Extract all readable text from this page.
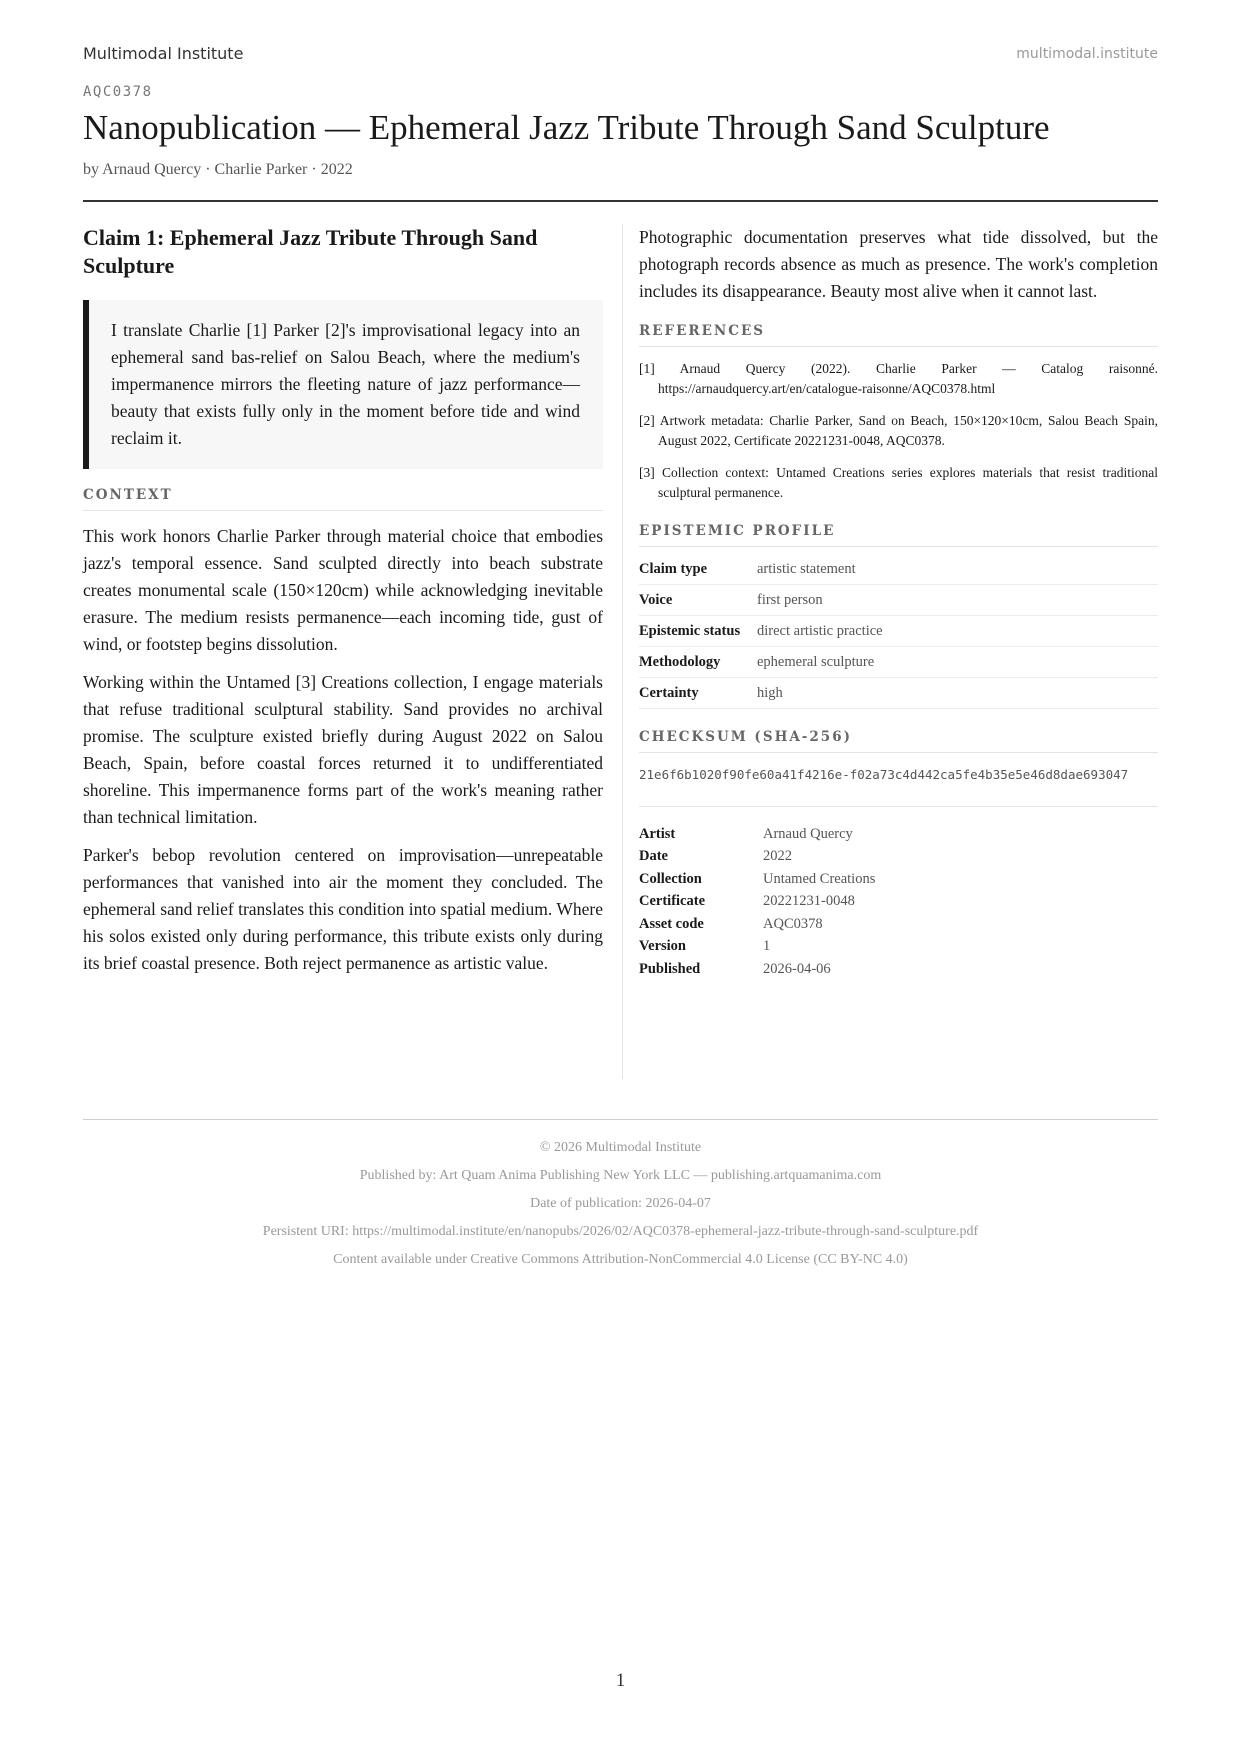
Multimodal Institute	multimodal.institute
AQC0378
Nanopublication — Ephemeral Jazz Tribute Through Sand Sculpture
by Arnaud Quercy · Charlie Parker · 2022
Claim 1: Ephemeral Jazz Tribute Through Sand Sculpture
I translate Charlie [1] Parker [2]'s improvisational legacy into an ephemeral sand bas-relief on Salou Beach, where the medium's impermanence mirrors the fleeting nature of jazz performance—beauty that exists fully only in the moment before tide and wind reclaim it.
CONTEXT

This work honors Charlie Parker through material choice that embodies jazz's temporal essence. Sand sculpted directly into beach substrate creates monumental scale (150×120cm) while acknowledging inevitable erasure. The medium resists permanence—each incoming tide, gust of wind, or footstep begins dissolution.

Working within the Untamed [3] Creations collection, I engage materials that refuse traditional sculptural stability. Sand provides no archival promise. The sculpture existed briefly during August 2022 on Salou Beach, Spain, before coastal forces returned it to undifferentiated shoreline. This impermanence forms part of the work's meaning rather than technical limitation.

Parker's bebop revolution centered on improvisation—unrepeatable performances that vanished into air the moment they concluded. The ephemeral sand relief translates this condition into spatial medium. Where his solos existed only during performance, this tribute exists only during its brief coastal presence. Both reject permanence as artistic value.

Photographic documentation preserves what tide dissolved, but the photograph records absence as much as presence. The work's completion includes its disappearance. Beauty most alive when it cannot last.

REFERENCES
[1] Arnaud Quercy (2022). Charlie Parker — Catalog raisonné. https://arnaudquercy.art/en/catalogue-raisonne/AQC0378.html
[2] Artwork metadata: Charlie Parker, Sand on Beach, 150×120×10cm, Salou Beach Spain, August 2022, Certificate 20221231-0048, AQC0378.
[3] Collection context: Untamed Creations series explores materials that resist traditional sculptural permanence.
EPISTEMIC PROFILE
Claim type	artistic statement
Voice	first person
Epistemic status	direct artistic practice
Methodology	ephemeral sculpture
Certainty	high
CHECKSUM (SHA-256)
21e6f6b1020f90fe60a41f4216e-f02a73c4d442ca5fe4b35e5e46d8dae693047
Artist	Arnaud Quercy
Date	2022
Collection	Untamed Creations
Certificate	20221231-0048
Asset code	AQC0378
Version	1
Published	2026-04-06
© 2026 Multimodal Institute
Published by: Art Quam Anima Publishing New York LLC — publishing.artquamanima.com
Date of publication: 2026-04-07
Persistent URI: https://multimodal.institute/en/nanopubs/2026/02/AQC0378-ephemeral-jazz-tribute-through-sand-sculpture.pdf
Content available under Creative Commons Attribution-NonCommercial 4.0 License (CC BY-NC 4.0)
1
